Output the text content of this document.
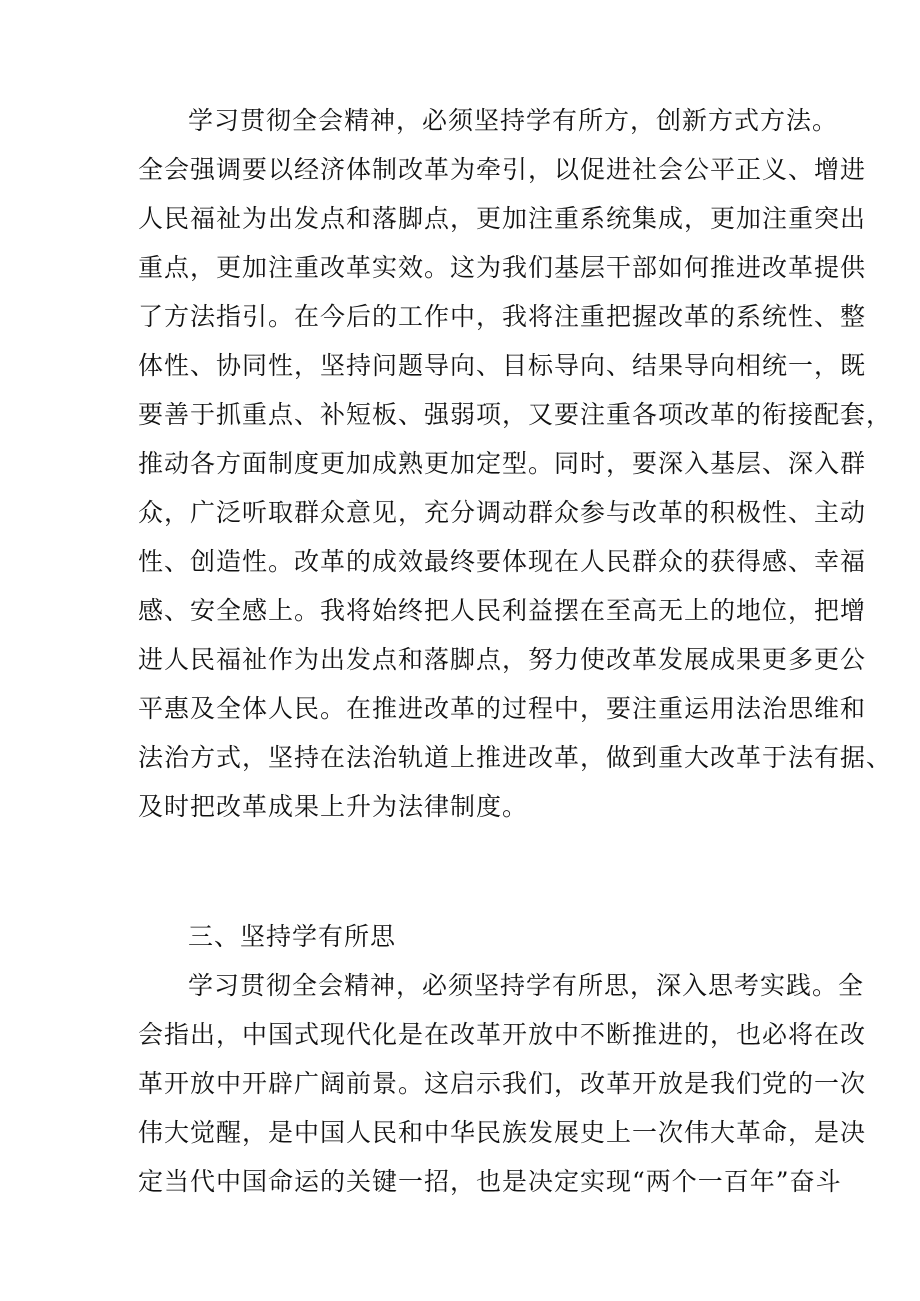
学习贯彻全会精神，必须坚持学有所方，创新方式方法。
全会强调要以经济体制改革为牵引，以促进社会公平正义、增进
人民福祉为出发点和落脚点，更加注重系统集成，更加注重突出
重点，更加注重改革实效。这为我们基层干部如何推进改革提供
了方法指引。在今后的工作中，我将注重把握改革的系统性、整
体性、协同性，坚持问题导向、目标导向、结果导向相统一，既
要善于抓重点、补短板、强弱项，又要注重各项改革的衔接配套，
推动各方面制度更加成熟更加定型。同时，要深入基层、深入群
众，广泛听取群众意见，充分调动群众参与改革的积极性、主动
性、创造性。改革的成效最终要体现在人民群众的获得感、幸福
感、安全感上。我将始终把人民利益摆在至高无上的地位，把增
进人民福祉作为出发点和落脚点，努力使改革发展成果更多更公
平惠及全体人民。在推进改革的过程中，要注重运用法治思维和
法治方式，坚持在法治轨道上推进改革，做到重大改革于法有据、
及时把改革成果上升为法律制度。
三、坚持学有所思
学习贯彻全会精神，必须坚持学有所思，深入思考实践。全
会指出，中国式现代化是在改革开放中不断推进的，也必将在改
革开放中开辟广阔前景。这启示我们，改革开放是我们党的一次
伟大觉醒，是中国人民和中华民族发展史上一次伟大革命，是决
定当代中国命运的关键一招，也是决定实现“两个一百年”奋斗
